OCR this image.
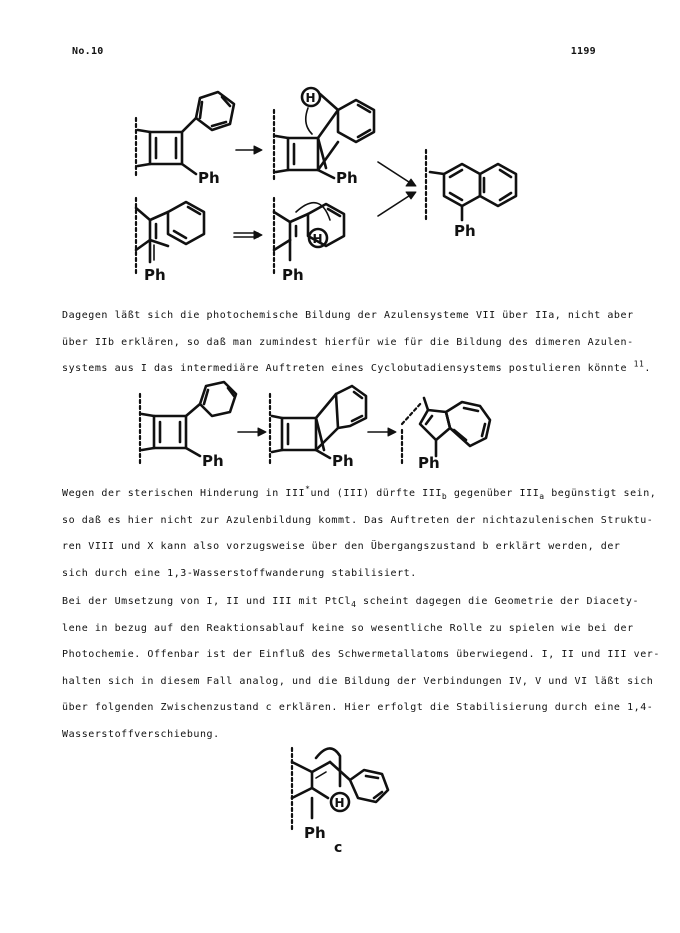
No.10	1199
Ph
H
Ph
Ph
Ph
H
Ph
Dagegen läßt sich die photochemische Bildung der Azulensysteme VII über IIa, nicht aber
über IIb erklären, so daß man zumindest hierfür wie für die Bildung des dimeren Azulen-
systems aus I das intermediäre Auftreten eines Cyclobutadiensystems postulieren könnte $^{11}$.
Ph	Ph	Ph
Wegen der sterischen Hinderung in III*und (III) dürfte $III_b$ gegenüber $III_a$ begünstigt sein,
so daß es hier nicht zur Azulenbildung kommt. Das Auftreten der nichtazulenischen Struktu-
ren VIII und X kann also vorzugsweise über den Übergangszustand b erklärt werden, der
sich durch eine 1,3-Wasserstoffwanderung stabilisiert.
Bei der Umsetzung von I, II und III mit PtCl$_4$ scheint dagegen die Geometrie der Diacety-
lene in bezug auf den Reaktionsablauf keine so wesentliche Rolle zu spielen wie bei der
Photochemie. Offenbar ist der Einfluß des Schwermetallatoms überwiegend. I, II und III ver-
halten sich in diesem Fall analog, und die Bildung der Verbindungen IV, V und VI läßt sich
über folgenden Zwischenzustand c erklären. Hier erfolgt die Stabilisierung durch eine 1,4-
Wasserstoffverschiebung.
H
Ph
c
